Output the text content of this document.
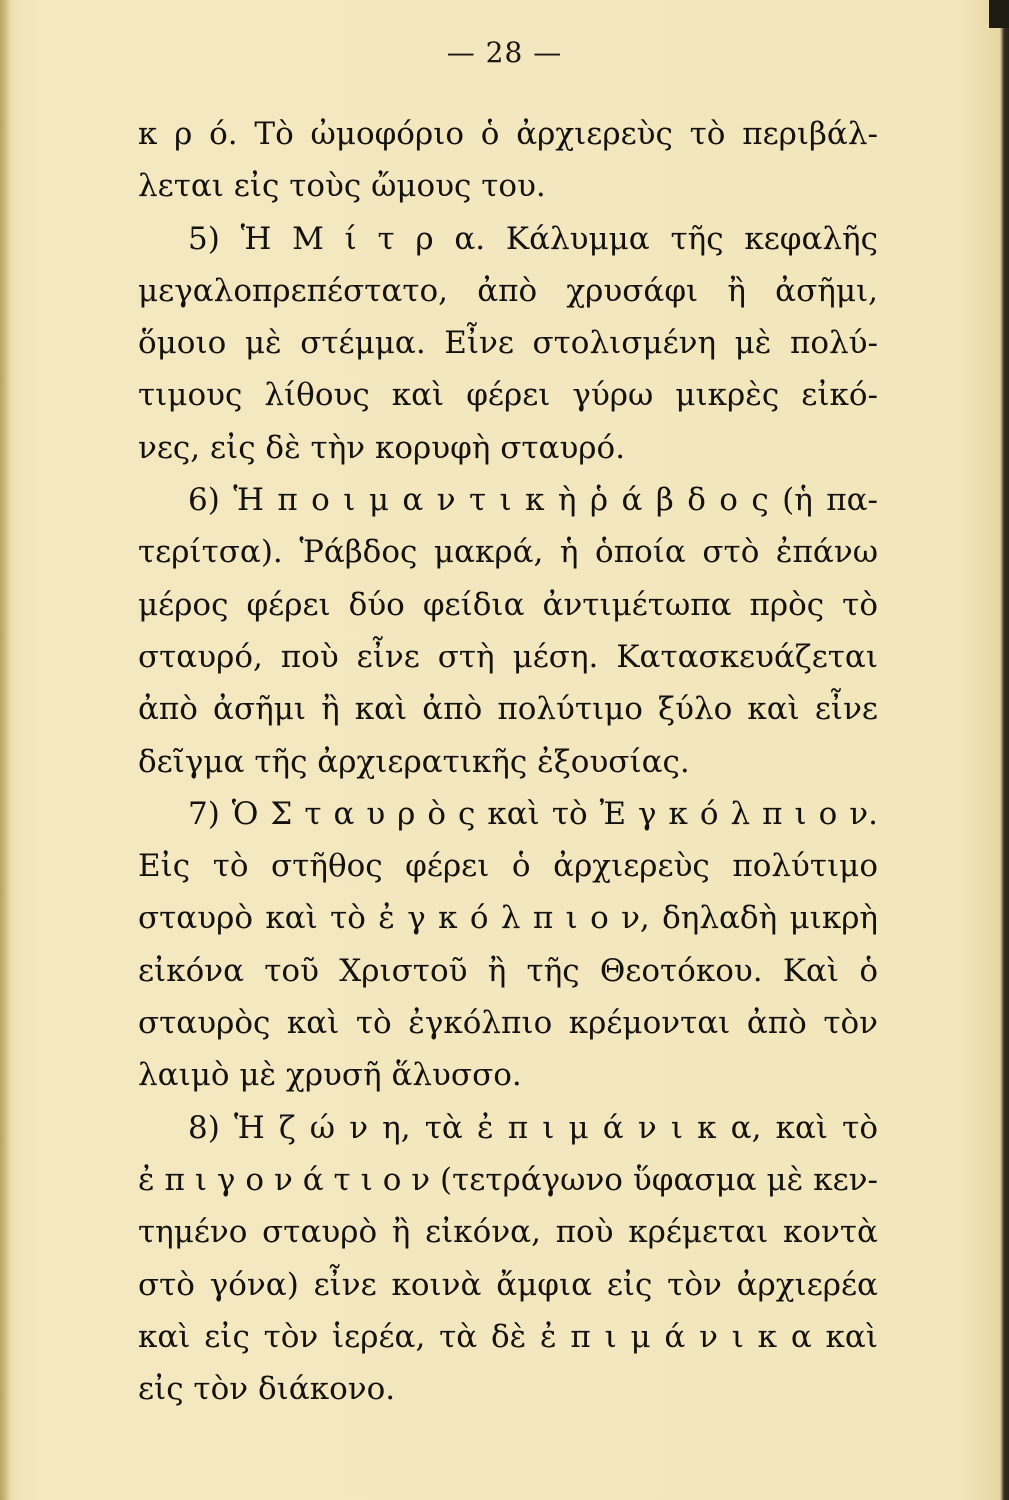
— 28 —
κ ρ ό. Τὸ ὠμοφόριο ὁ ἀρχιερεὺς τὸ περιβάλ-
λεται εἰς τοὺς ὤμους του.
5) Ἡ Μ ί τ ρ α. Κάλυμμα τῆς κεφαλῆς
μεγαλοπρεπέστατο, ἀπὸ χρυσάφι ἢ ἀσῆμι,
ὅμοιο μὲ στέμμα. Εἶνε στολισμένη μὲ πολύ-
τιμους λίθους καὶ φέρει γύρω μικρὲς εἰκό-
νες, εἰς δὲ τὴν κορυφὴ σταυρό.
6) Ἡ π ο ι μ α ν τ ι κ ὴ ῥ ά β δ ο ς (ἡ πα-
τερίτσα). Ῥάβδος μακρά, ἡ ὁποία στὸ ἐπάνω
μέρος φέρει δύο φείδια ἀντιμέτωπα πρὸς τὸ
σταυρό, ποὺ εἶνε στὴ μέση. Κατασκευάζεται
ἀπὸ ἀσῆμι ἢ καὶ ἀπὸ πολύτιμο ξύλο καὶ εἶνε
δεῖγμα τῆς ἀρχιερατικῆς ἐξουσίας.
7) Ὁ Σ τ α υ ρ ὸ ς καὶ τὸ Ἐ γ κ ό λ π ι ο ν.
Εἰς τὸ στῆθος φέρει ὁ ἀρχιερεὺς πολύτιμο
σταυρὸ καὶ τὸ ἐ γ κ ό λ π ι ο ν, δηλαδὴ μικρὴ
εἰκόνα τοῦ Χριστοῦ ἢ τῆς Θεοτόκου. Καὶ ὁ
σταυρὸς καὶ τὸ ἐγκόλπιο κρέμονται ἀπὸ τὸν
λαιμὸ μὲ χρυσῆ ἅλυσσο.
8) Ἡ ζ ώ ν η, τὰ ἐ π ι μ ά ν ι κ α, καὶ τὸ
ἐ π ι γ ο ν ά τ ι ο ν (τετράγωνο ὕφασμα μὲ κεν-
τημένο σταυρὸ ἢ εἰκόνα, ποὺ κρέμεται κοντὰ
στὸ γόνα) εἶνε κοινὰ ἄμφια εἰς τὸν ἀρχιερέα
καὶ εἰς τὸν ἱερέα, τὰ δὲ ἐ π ι μ ά ν ι κ α καὶ
εἰς τὸν διάκονο.
